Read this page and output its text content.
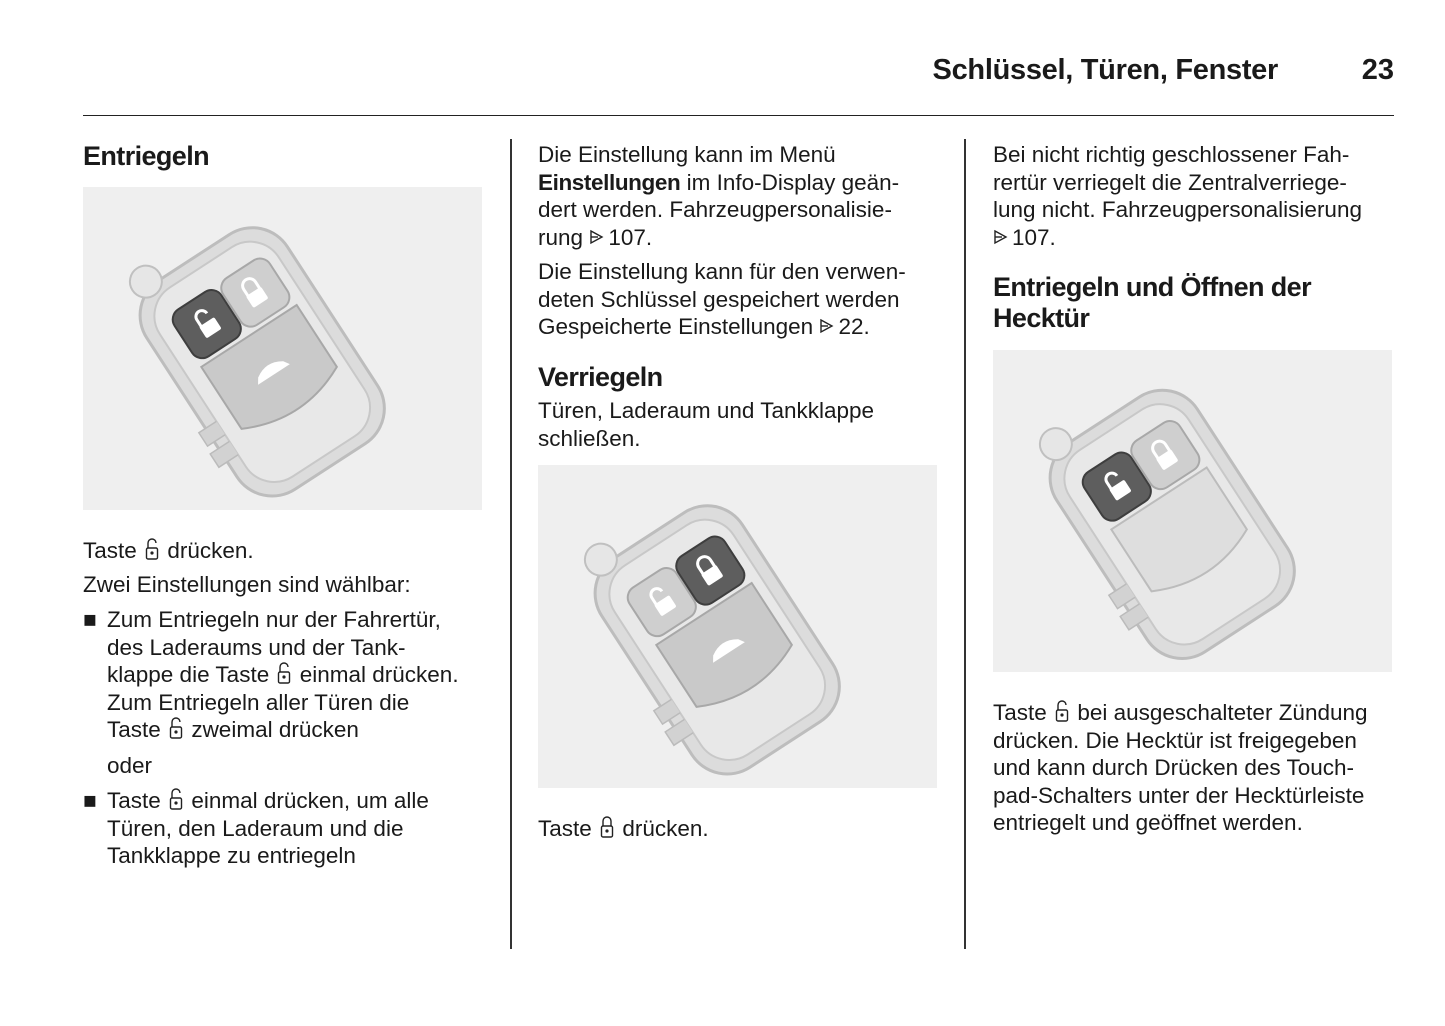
Schlüssel, Türen, Fenster	23
Entriegeln

Taste drücken.

Zwei Einstellungen sind wählbar:

■ Zum Entriegeln nur der Fahrertür,
des Laderaums und der Tank-
klappe die Taste einmal drücken.
Zum Entriegeln aller Türen die
Taste zweimal drücken

oder

■ Taste einmal drücken, um alle
Türen, den Laderaum und die
Tankklappe zu entriegeln
Die Einstellung kann im Menü
Einstellungen im Info-Display geän-
dert werden. Fahrzeugpersonalisie-
rung 107.
Die Einstellung kann für den verwen-
deten Schlüssel gespeichert werden
Gespeicherte Einstellungen 22.
Verriegeln
Türen, Laderaum und Tankklappe
schließen.

Taste drücken.

Bei nicht richtig geschlossener Fah-
rertür verriegelt die Zentralverriege-
lung nicht. Fahrzeugpersonalisierung
107.
Entriegeln und Öffnen der
Hecktür
Taste bei ausgeschalteter Zündung
drücken. Die Hecktür ist freigegeben
und kann durch Drücken des Touch-
pad-Schalters unter der Hecktürleiste
entriegelt und geöffnet werden.
